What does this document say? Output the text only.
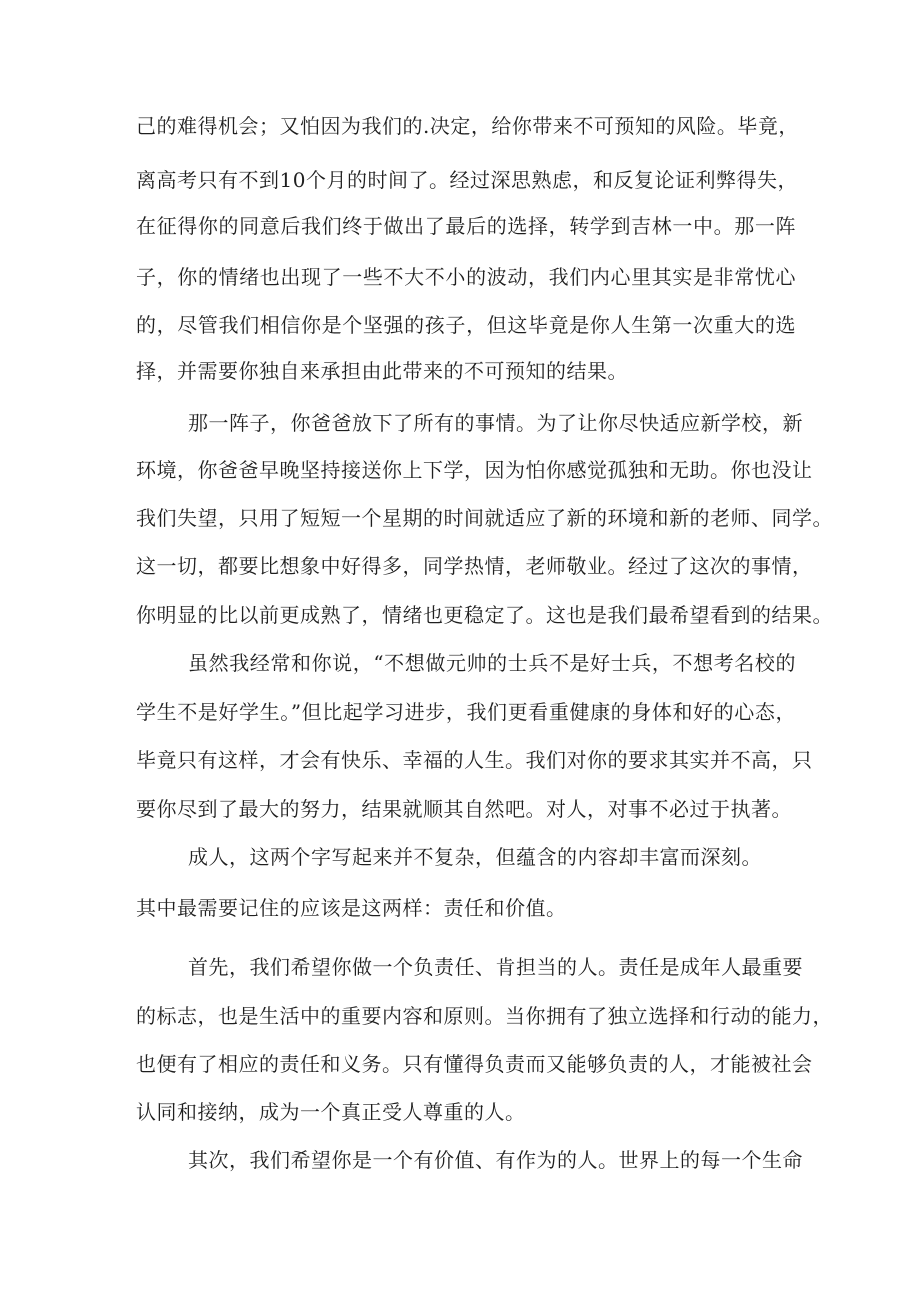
己的难得机会；又怕因为我们的.决定，给你带来不可预知的风险。毕竟，
离高考只有不到10个月的时间了。经过深思熟虑，和反复论证利弊得失，
在征得你的同意后我们终于做出了最后的选择，转学到吉林一中。那一阵
子，你的情绪也出现了一些不大不小的波动，我们内心里其实是非常忧心
的，尽管我们相信你是个坚强的孩子，但这毕竟是你人生第一次重大的选
择，并需要你独自来承担由此带来的不可预知的结果。
那一阵子，你爸爸放下了所有的事情。为了让你尽快适应新学校，新
环境，你爸爸早晚坚持接送你上下学，因为怕你感觉孤独和无助。你也没让
我们失望，只用了短短一个星期的时间就适应了新的环境和新的老师、同学。
这一切，都要比想象中好得多，同学热情，老师敬业。经过了这次的事情，
你明显的比以前更成熟了，情绪也更稳定了。这也是我们最希望看到的结果。
虽然我经常和你说，“不想做元帅的士兵不是好士兵，不想考名校的
学生不是好学生。”但比起学习进步，我们更看重健康的身体和好的心态，
毕竟只有这样，才会有快乐、幸福的人生。我们对你的要求其实并不高，只
要你尽到了最大的努力，结果就顺其自然吧。对人，对事不必过于执著。
成人，这两个字写起来并不复杂，但蕴含的内容却丰富而深刻。
其中最需要记住的应该是这两样：责任和价值。
首先，我们希望你做一个负责任、肯担当的人。责任是成年人最重要
的标志，也是生活中的重要内容和原则。当你拥有了独立选择和行动的能力，
也便有了相应的责任和义务。只有懂得负责而又能够负责的人，才能被社会
认同和接纳，成为一个真正受人尊重的人。
其次，我们希望你是一个有价值、有作为的人。世界上的每一个生命
